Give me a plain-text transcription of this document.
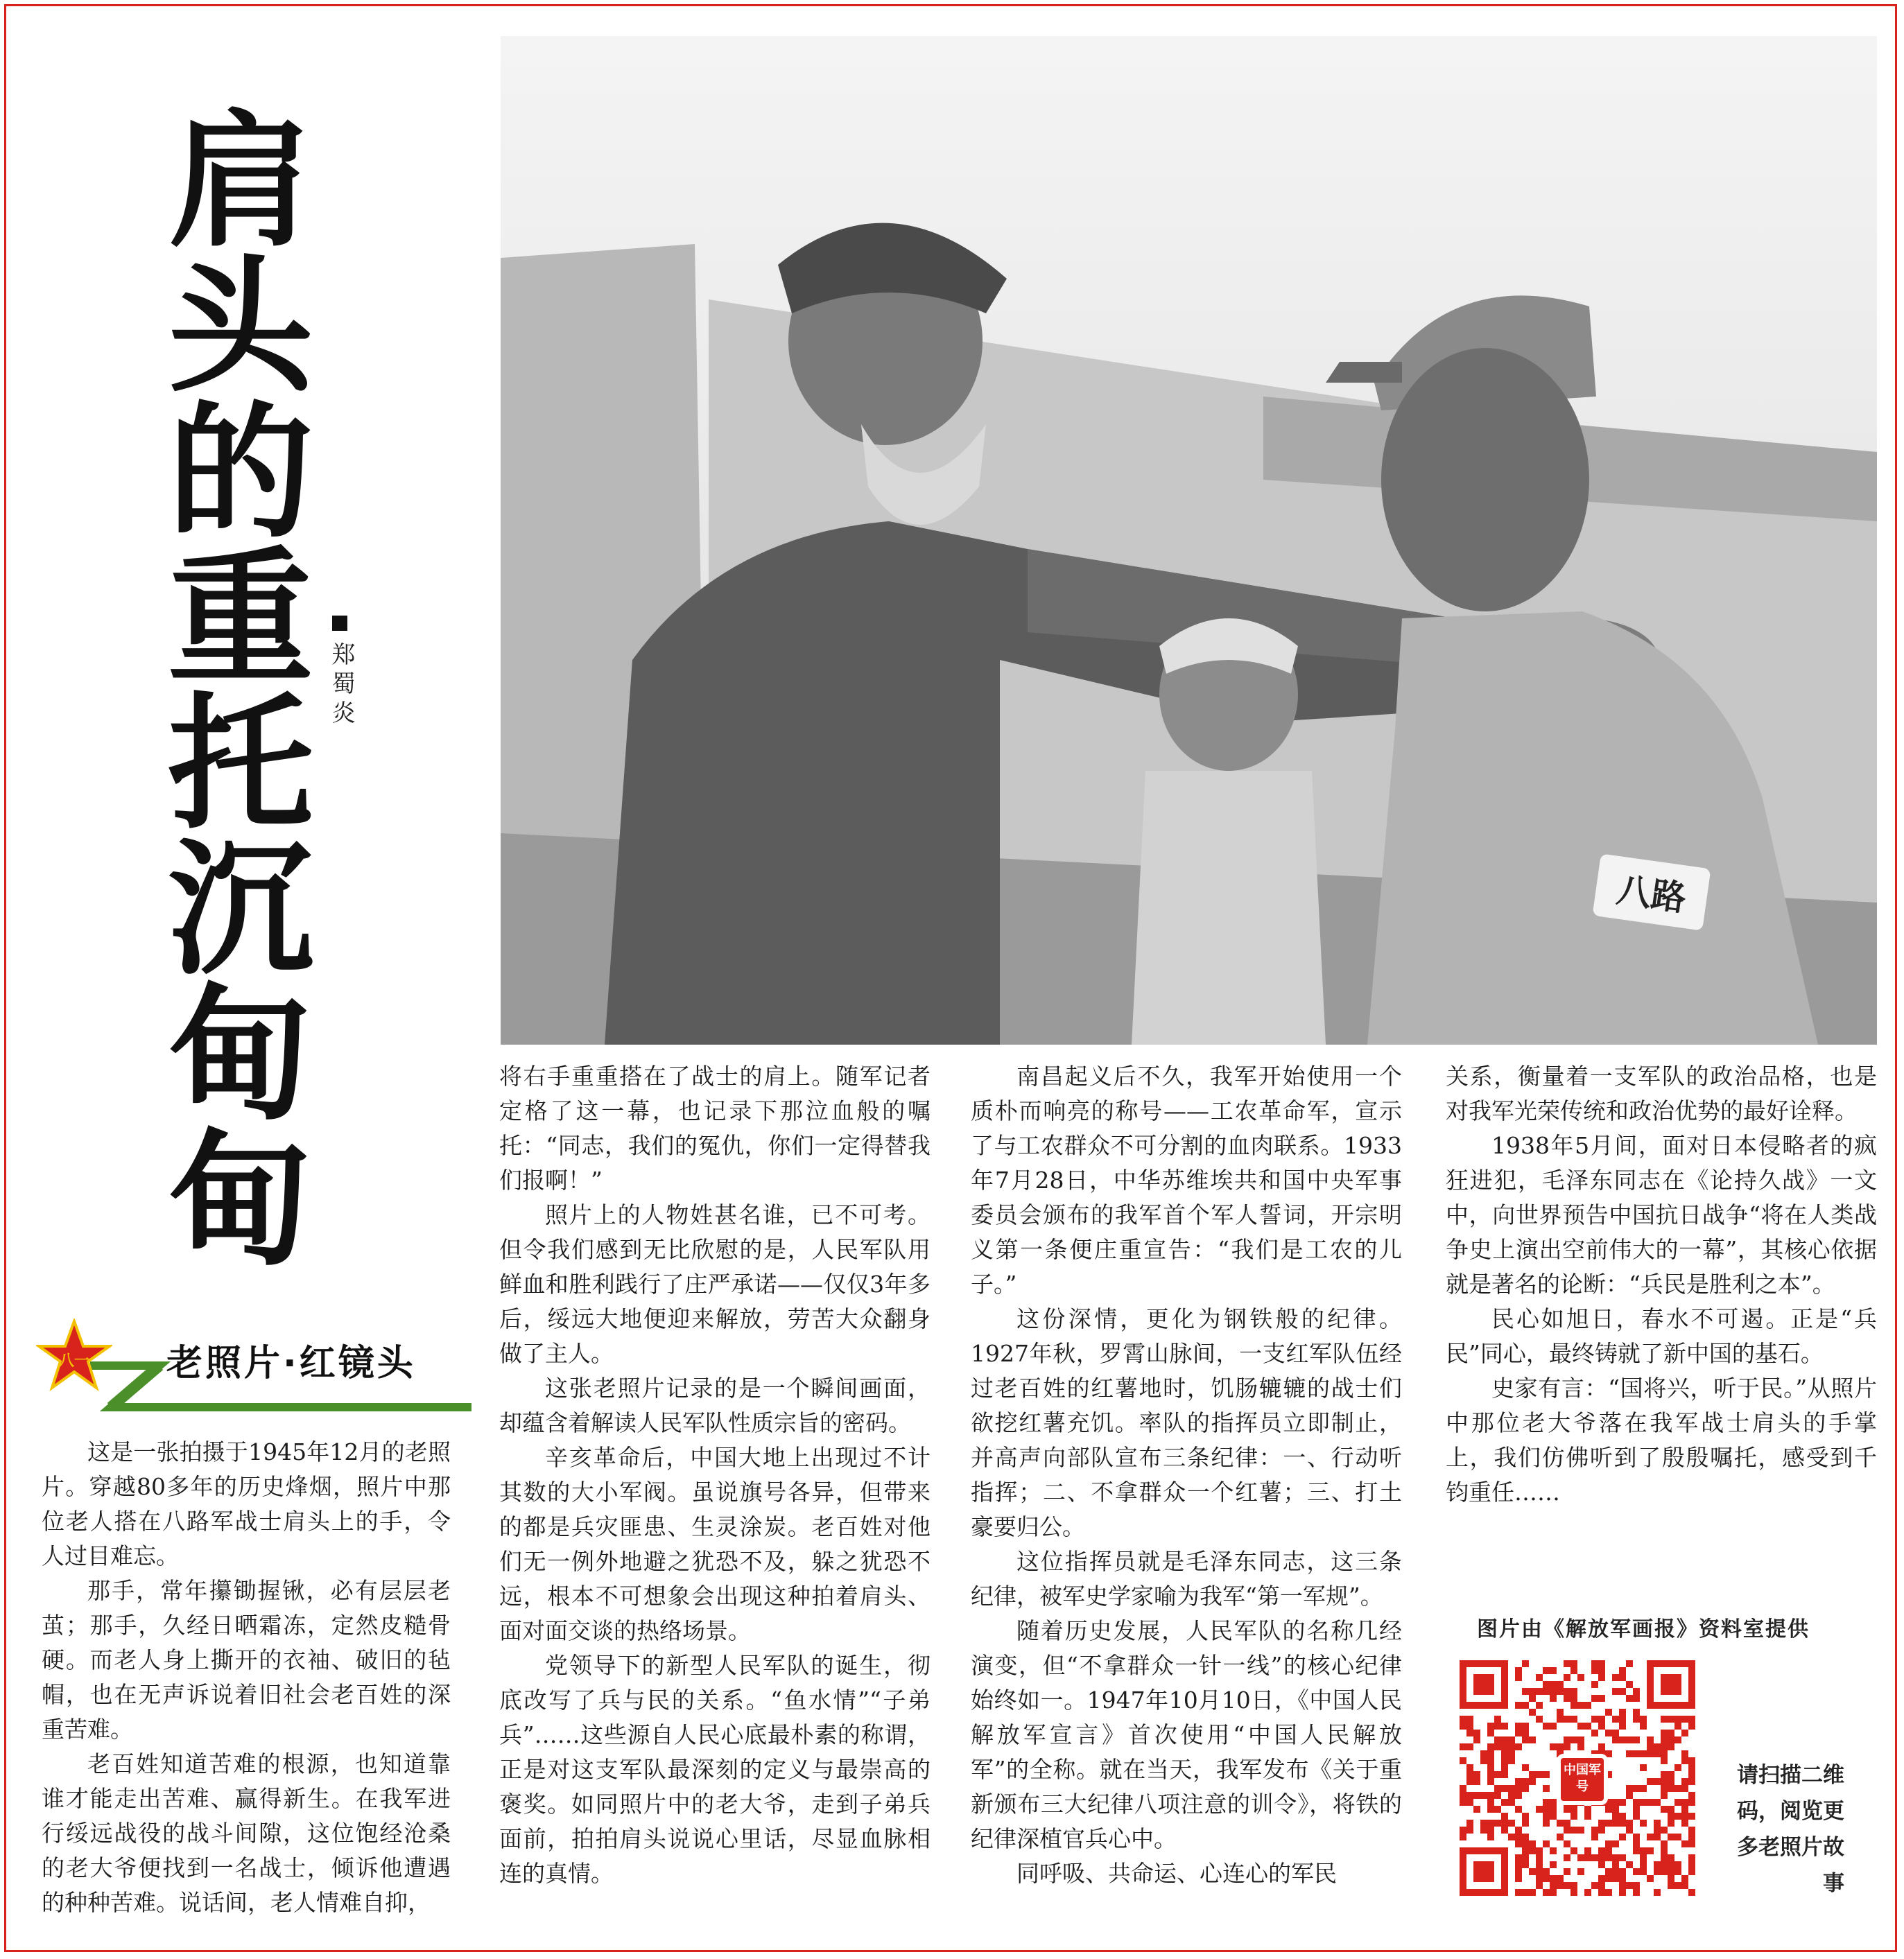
肩头的重托沉甸甸 郑蜀炎
八路
八一 老照片·红镜头

这是一张拍摄于1945年12月的老照片。穿越80多年的历史烽烟，照片中那位老人搭在八路军战士肩头上的手，令人过目难忘。

那手，常年攥锄握锹，必有层层老茧；那手，久经日晒霜冻，定然皮糙骨硬。而老人身上撕开的衣袖、破旧的毡帽，也在无声诉说着旧社会老百姓的深重苦难。

老百姓知道苦难的根源，也知道靠谁才能走出苦难、赢得新生。在我军进行绥远战役的战斗间隙，这位饱经沧桑的老大爷便找到一名战士，倾诉他遭遇的种种苦难。说话间，老人情难自抑，

将右手重重搭在了战士的肩上。随军记者定格了这一幕，也记录下那泣血般的嘱托：“同志，我们的冤仇，你们一定得替我们报啊！”

照片上的人物姓甚名谁，已不可考。但令我们感到无比欣慰的是，人民军队用鲜血和胜利践行了庄严承诺——仅仅3年多后，绥远大地便迎来解放，劳苦大众翻身做了主人。

这张老照片记录的是一个瞬间画面，却蕴含着解读人民军队性质宗旨的密码。

辛亥革命后，中国大地上出现过不计其数的大小军阀。虽说旗号各异，但带来的都是兵灾匪患、生灵涂炭。老百姓对他们无一例外地避之犹恐不及，躲之犹恐不远，根本不可想象会出现这种拍着肩头、面对面交谈的热络场景。

党领导下的新型人民军队的诞生，彻底改写了兵与民的关系。“鱼水情”“子弟兵”……这些源自人民心底最朴素的称谓，正是对这支军队最深刻的定义与最崇高的褒奖。如同照片中的老大爷，走到子弟兵面前，拍拍肩头说说心里话，尽显血脉相连的真情。

南昌起义后不久，我军开始使用一个质朴而响亮的称号——工农革命军，宣示了与工农群众不可分割的血肉联系。1933年7月28日，中华苏维埃共和国中央军事委员会颁布的我军首个军人誓词，开宗明义第一条便庄重宣告：“我们是工农的儿子。”

这份深情，更化为钢铁般的纪律。1927年秋，罗霄山脉间，一支红军队伍经过老百姓的红薯地时，饥肠辘辘的战士们欲挖红薯充饥。率队的指挥员立即制止，并高声向部队宣布三条纪律：一、行动听指挥；二、不拿群众一个红薯；三、打土豪要归公。

这位指挥员就是毛泽东同志，这三条纪律，被军史学家喻为我军“第一军规”。

随着历史发展，人民军队的名称几经演变，但“不拿群众一针一线”的核心纪律始终如一。1947年10月10日，《中国人民解放军宣言》首次使用“中国人民解放军”的全称。就在当天，我军发布《关于重新颁布三大纪律八项注意的训令》，将铁的纪律深植官兵心中。

同呼吸、共命运、心连心的军民

关系，衡量着一支军队的政治品格，也是对我军光荣传统和政治优势的最好诠释。

1938年5月间，面对日本侵略者的疯狂进犯，毛泽东同志在《论持久战》一文中，向世界预告中国抗日战争“将在人类战争史上演出空前伟大的一幕”，其核心依据就是著名的论断：“兵民是胜利之本”。

民心如旭日，春水不可遏。正是“兵民”同心，最终铸就了新中国的基石。

史家有言：“国将兴，听于民。”从照片中那位老大爷落在我军战士肩头的手掌上，我们仿佛听到了殷殷嘱托，感受到千钧重任……

图片由《解放军画报》资料室提供
中国军号	请扫描二维码，阅览更多老照片故事
